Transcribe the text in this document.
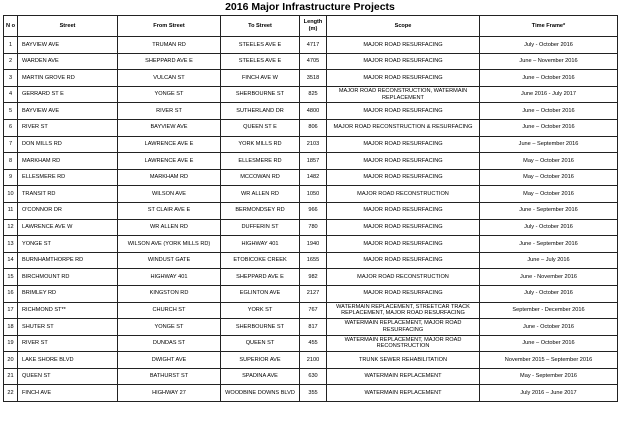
2016 Major Infrastructure Projects
N o	Street	From Street	To Street	Length (m)	Scope	Time Frame*
1	BAYVIEW AVE	TRUMAN RD	STEELES AVE E	4717	MAJOR ROAD RESURFACING	July - October 2016
2	WARDEN AVE	SHEPPARD AVE E	STEELES AVE E	4705	MAJOR ROAD RESURFACING	June – November 2016
3	MARTIN GROVE RD	VULCAN ST	FINCH AVE W	3518	MAJOR ROAD RESURFACING	June – October 2016
4	GERRARD ST E	YONGE ST	SHERBOURNE ST	825	MAJOR ROAD RECONSTRUCTION, WATERMAIN REPLACEMENT	June 2016 - July 2017
5	BAYVIEW AVE	RIVER ST	SUTHERLAND DR	4800	MAJOR ROAD RESURFACING	June – October 2016
6	RIVER ST	BAYVIEW AVE	QUEEN ST E	806	MAJOR ROAD RECONSTRUCTION & RESURFACING	June – October 2016
7	DON MILLS RD	LAWRENCE AVE E	YORK MILLS RD	2103	MAJOR ROAD RESURFACING	June – September 2016
8	MARKHAM RD	LAWRENCE AVE E	ELLESMERE RD	1857	MAJOR ROAD RESURFACING	May – October 2016
9	ELLESMERE RD	MARKHAM RD	MCCOWAN RD	1482	MAJOR ROAD RESURFACING	May – October 2016
10	TRANSIT RD	WILSON AVE	WR ALLEN RD	1050	MAJOR ROAD RECONSTRUCTION	May – October 2016
11	O'CONNOR DR	ST CLAIR AVE E	BERMONDSEY RD	966	MAJOR ROAD RESURFACING	June - September 2016
12	LAWRENCE AVE W	WR ALLEN RD	DUFFERIN ST	780	MAJOR ROAD RESURFACING	July - October 2016
13	YONGE ST	WILSON AVE (YORK MILLS RD)	HIGHWAY 401	1940	MAJOR ROAD RESURFACING	June - September 2016
14	BURNHAMTHORPE RD	WINDUST GATE	ETOBICOKE CREEK	1655	MAJOR ROAD RESURFACING	June – July 2016
15	BIRCHMOUNT RD	HIGHWAY 401	SHEPPARD AVE E	982	MAJOR ROAD RECONSTRUCTION	June - November 2016
16	BRIMLEY RD	KINGSTON RD	EGLINTON AVE	2127	MAJOR ROAD RESURFACING	July - October 2016
17	RICHMOND ST**	CHURCH ST	YORK ST	767	WATERMAIN REPLACEMENT, STREETCAR TRACK REPLACEMENT, MAJOR ROAD RESURFACING	September - December 2016
18	SHUTER ST	YONGE ST	SHERBOURNE ST	817	WATERMAIN REPLACEMENT, MAJOR ROAD RESURFACING	June - October 2016
19	RIVER ST	DUNDAS ST	QUEEN ST	455	WATERMAIN REPLACEMENT, MAJOR ROAD RECONSTRUCTION	June – October 2016
20	LAKE SHORE BLVD	DWIGHT AVE	SUPERIOR AVE	2100	TRUNK SEWER REHABILITATION	November 2015 – September 2016
21	QUEEN ST	BATHURST ST	SPADINA AVE	630	WATERMAIN REPLACEMENT	May - September 2016
22	FINCH AVE	HIGHWAY 27	WOODBINE DOWNS BLVD	355	WATERMAIN REPLACEMENT	July 2016 – June 2017
